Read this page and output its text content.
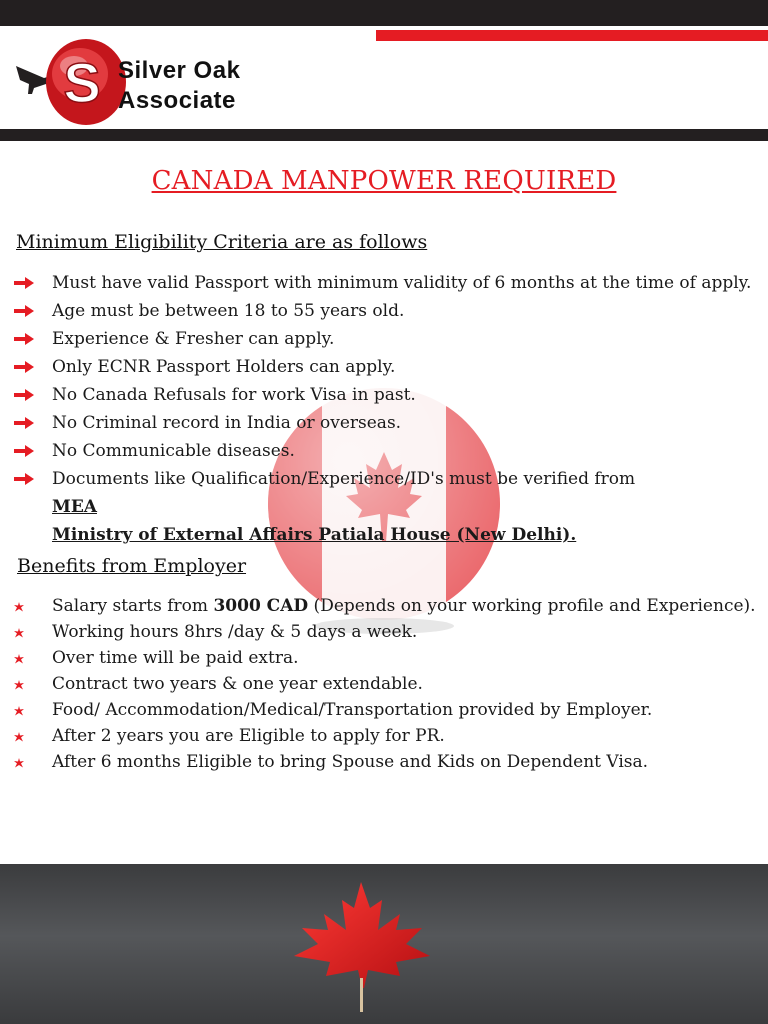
S Silver Oak
Associate
CANADA MANPOWER REQUIRED
Minimum Eligibility Criteria are as follows
Must have valid Passport with minimum validity of 6 months at the time of apply.
Age must be between 18 to 55 years old.
Experience & Fresher can apply.
Only ECNR Passport Holders can apply.
No Canada Refusals for work Visa in past.
No Criminal record in India or overseas.
No Communicable diseases.
Documents like Qualification/Experience/ID's must be verified from MEA
Ministry of External Affairs Patiala House (New Delhi).
Benefits from Employer
Salary starts from 3000 CAD (Depends on your working profile and Experience).
Working hours 8hrs /day & 5 days a week.
Over time will be paid extra.
Contract two years & one year extendable.
Food/ Accommodation/Medical/Transportation provided by Employer.
After 2 years you are Eligible to apply for PR.
After 6 months Eligible to bring Spouse and Kids on Dependent Visa.
